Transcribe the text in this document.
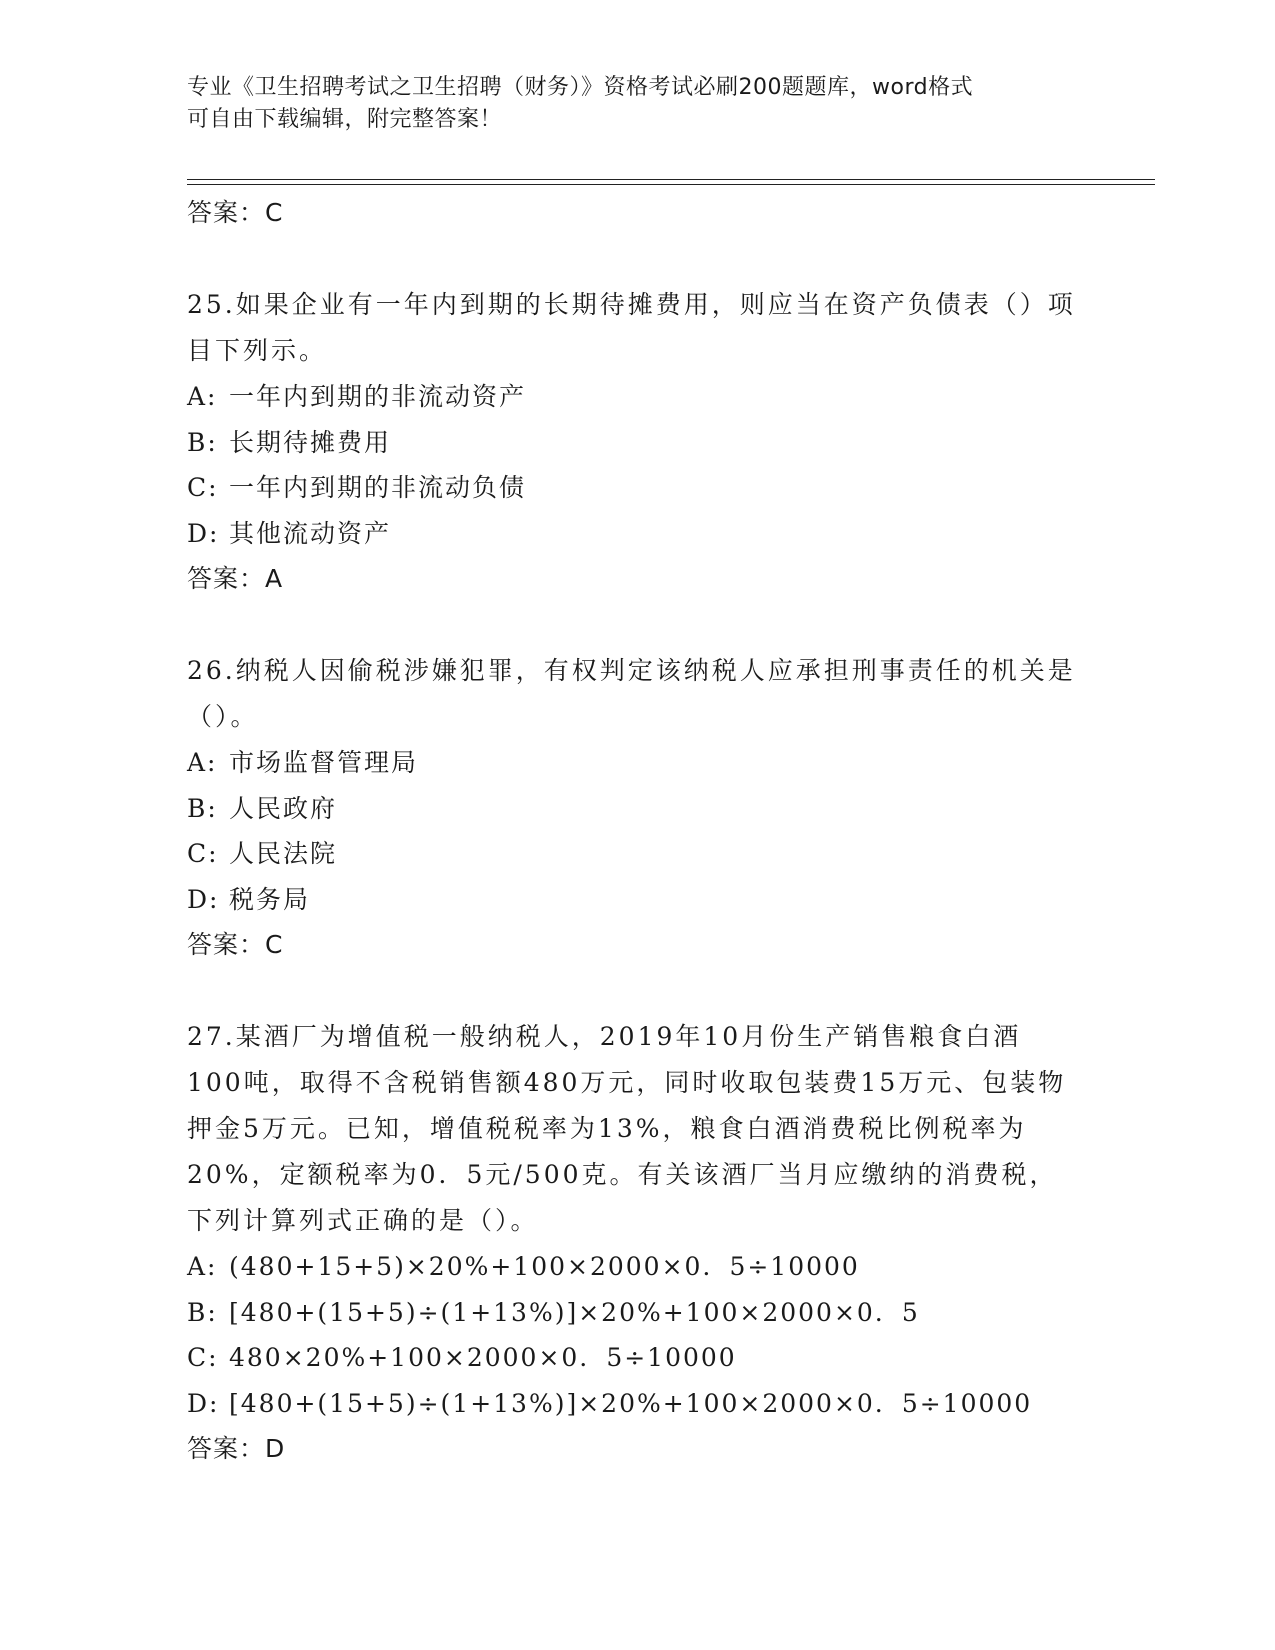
专业《卫生招聘考试之卫生招聘（财务）》资格考试必刷200题题库，word格式
可自由下载编辑，附完整答案！
答案：C
25.如果企业有一年内到期的长期待摊费用，则应当在资产负债表（）项目下列示。
A: 一年内到期的非流动资产
B: 长期待摊费用
C: 一年内到期的非流动负债
D: 其他流动资产
答案：A
26.纳税人因偷税涉嫌犯罪，有权判定该纳税人应承担刑事责任的机关是（）。
A: 市场监督管理局
B: 人民政府
C: 人民法院
D: 税务局
答案：C
27.某酒厂为增值税一般纳税人，2019年10月份生产销售粮食白酒100吨，取得不含税销售额480万元，同时收取包装费15万元、包装物押金5万元。已知，增值税税率为13%，粮食白酒消费税比例税率为20%，定额税率为0．5元/500克。有关该酒厂当月应缴纳的消费税，下列计算列式正确的是（）。
A: (480+15+5)×20%+100×2000×0．5÷10000
B: [480+(15+5)÷(1+13%)]×20%+100×2000×0．5
C: 480×20%+100×2000×0．5÷10000
D: [480+(15+5)÷(1+13%)]×20%+100×2000×0．5÷10000
答案：D
